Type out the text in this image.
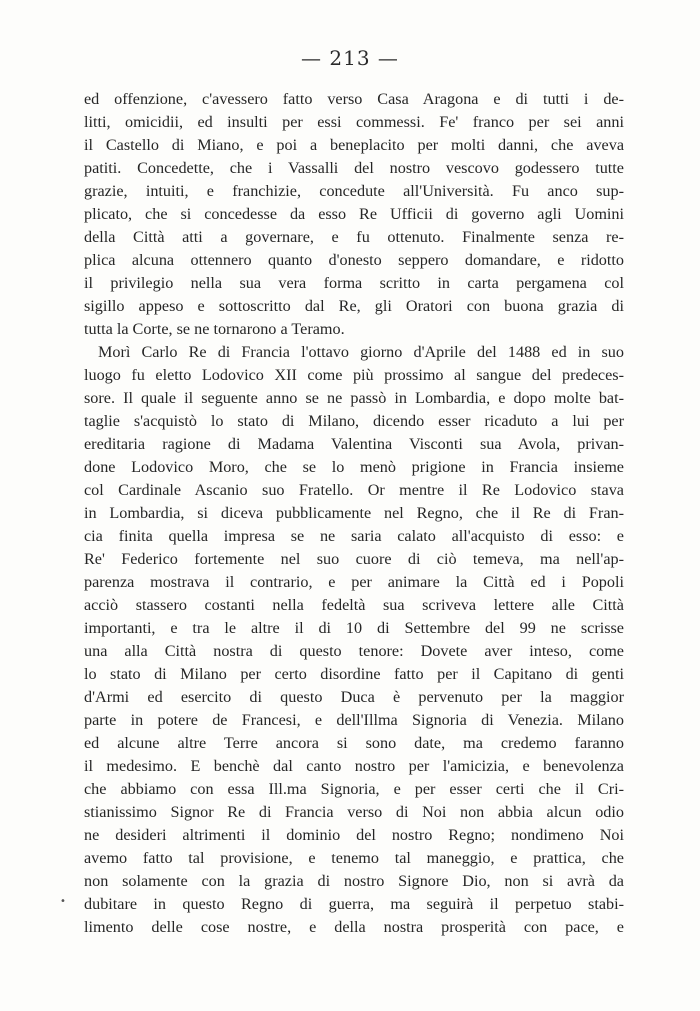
— 213 —
ed offenzione, c'avessero fatto verso Casa Aragona e di tutti i de-
litti, omicidii, ed insulti per essi commessi. Fe' franco per sei anni
il Castello di Miano, e poi a beneplacito per molti danni, che aveva
patiti. Concedette, che i Vassalli del nostro vescovo godessero tutte
grazie, intuiti, e franchizie, concedute all'Università. Fu anco sup-
plicato, che si concedesse da esso Re Ufficii di governo agli Uomini
della Città atti a governare, e fu ottenuto. Finalmente senza re-
plica alcuna ottennero quanto d'onesto seppero domandare, e ridotto
il privilegio nella sua vera forma scritto in carta pergamena col
sigillo appeso e sottoscritto dal Re, gli Oratori con buona grazia di
tutta la Corte, se ne tornarono a Teramo.
Morì Carlo Re di Francia l'ottavo giorno d'Aprile del 1488 ed in suo
luogo fu eletto Lodovico XII come più prossimo al sangue del predeces-
sore. Il quale il seguente anno se ne passò in Lombardia, e dopo molte bat-
taglie s'acquistò lo stato di Milano, dicendo esser ricaduto a lui per
ereditaria ragione di Madama Valentina Visconti sua Avola, privan-
done Lodovico Moro, che se lo menò prigione in Francia insieme
col Cardinale Ascanio suo Fratello. Or mentre il Re Lodovico stava
in Lombardia, si diceva pubblicamente nel Regno, che il Re di Fran-
cia finita quella impresa se ne saria calato all'acquisto di esso: e
Re' Federico fortemente nel suo cuore di ciò temeva, ma nell'ap-
parenza mostrava il contrario, e per animare la Città ed i Popoli
acciò stassero costanti nella fedeltà sua scriveva lettere alle Città
importanti, e tra le altre il di 10 di Settembre del 99 ne scrisse
una alla Città nostra di questo tenore: Dovete aver inteso, come
lo stato di Milano per certo disordine fatto per il Capitano di genti
d'Armi ed esercito di questo Duca è pervenuto per la maggior
parte in potere de Francesi, e dell'Illma Signoria di Venezia. Milano
ed alcune altre Terre ancora si sono date, ma credemo faranno
il medesimo. E benchè dal canto nostro per l'amicizia, e benevolenza
che abbiamo con essa Ill.ma Signoria, e per esser certi che il Cri-
stianissimo Signor Re di Francia verso di Noi non abbia alcun odio
ne desideri altrimenti il dominio del nostro Regno; nondimeno Noi
avemo fatto tal provisione, e tenemo tal maneggio, e prattica, che
non solamente con la grazia di nostro Signore Dio, non si avrà da
dubitare in questo Regno di guerra, ma seguirà il perpetuo stabi-
limento delle cose nostre, e della nostra prosperità con pace, e
•
